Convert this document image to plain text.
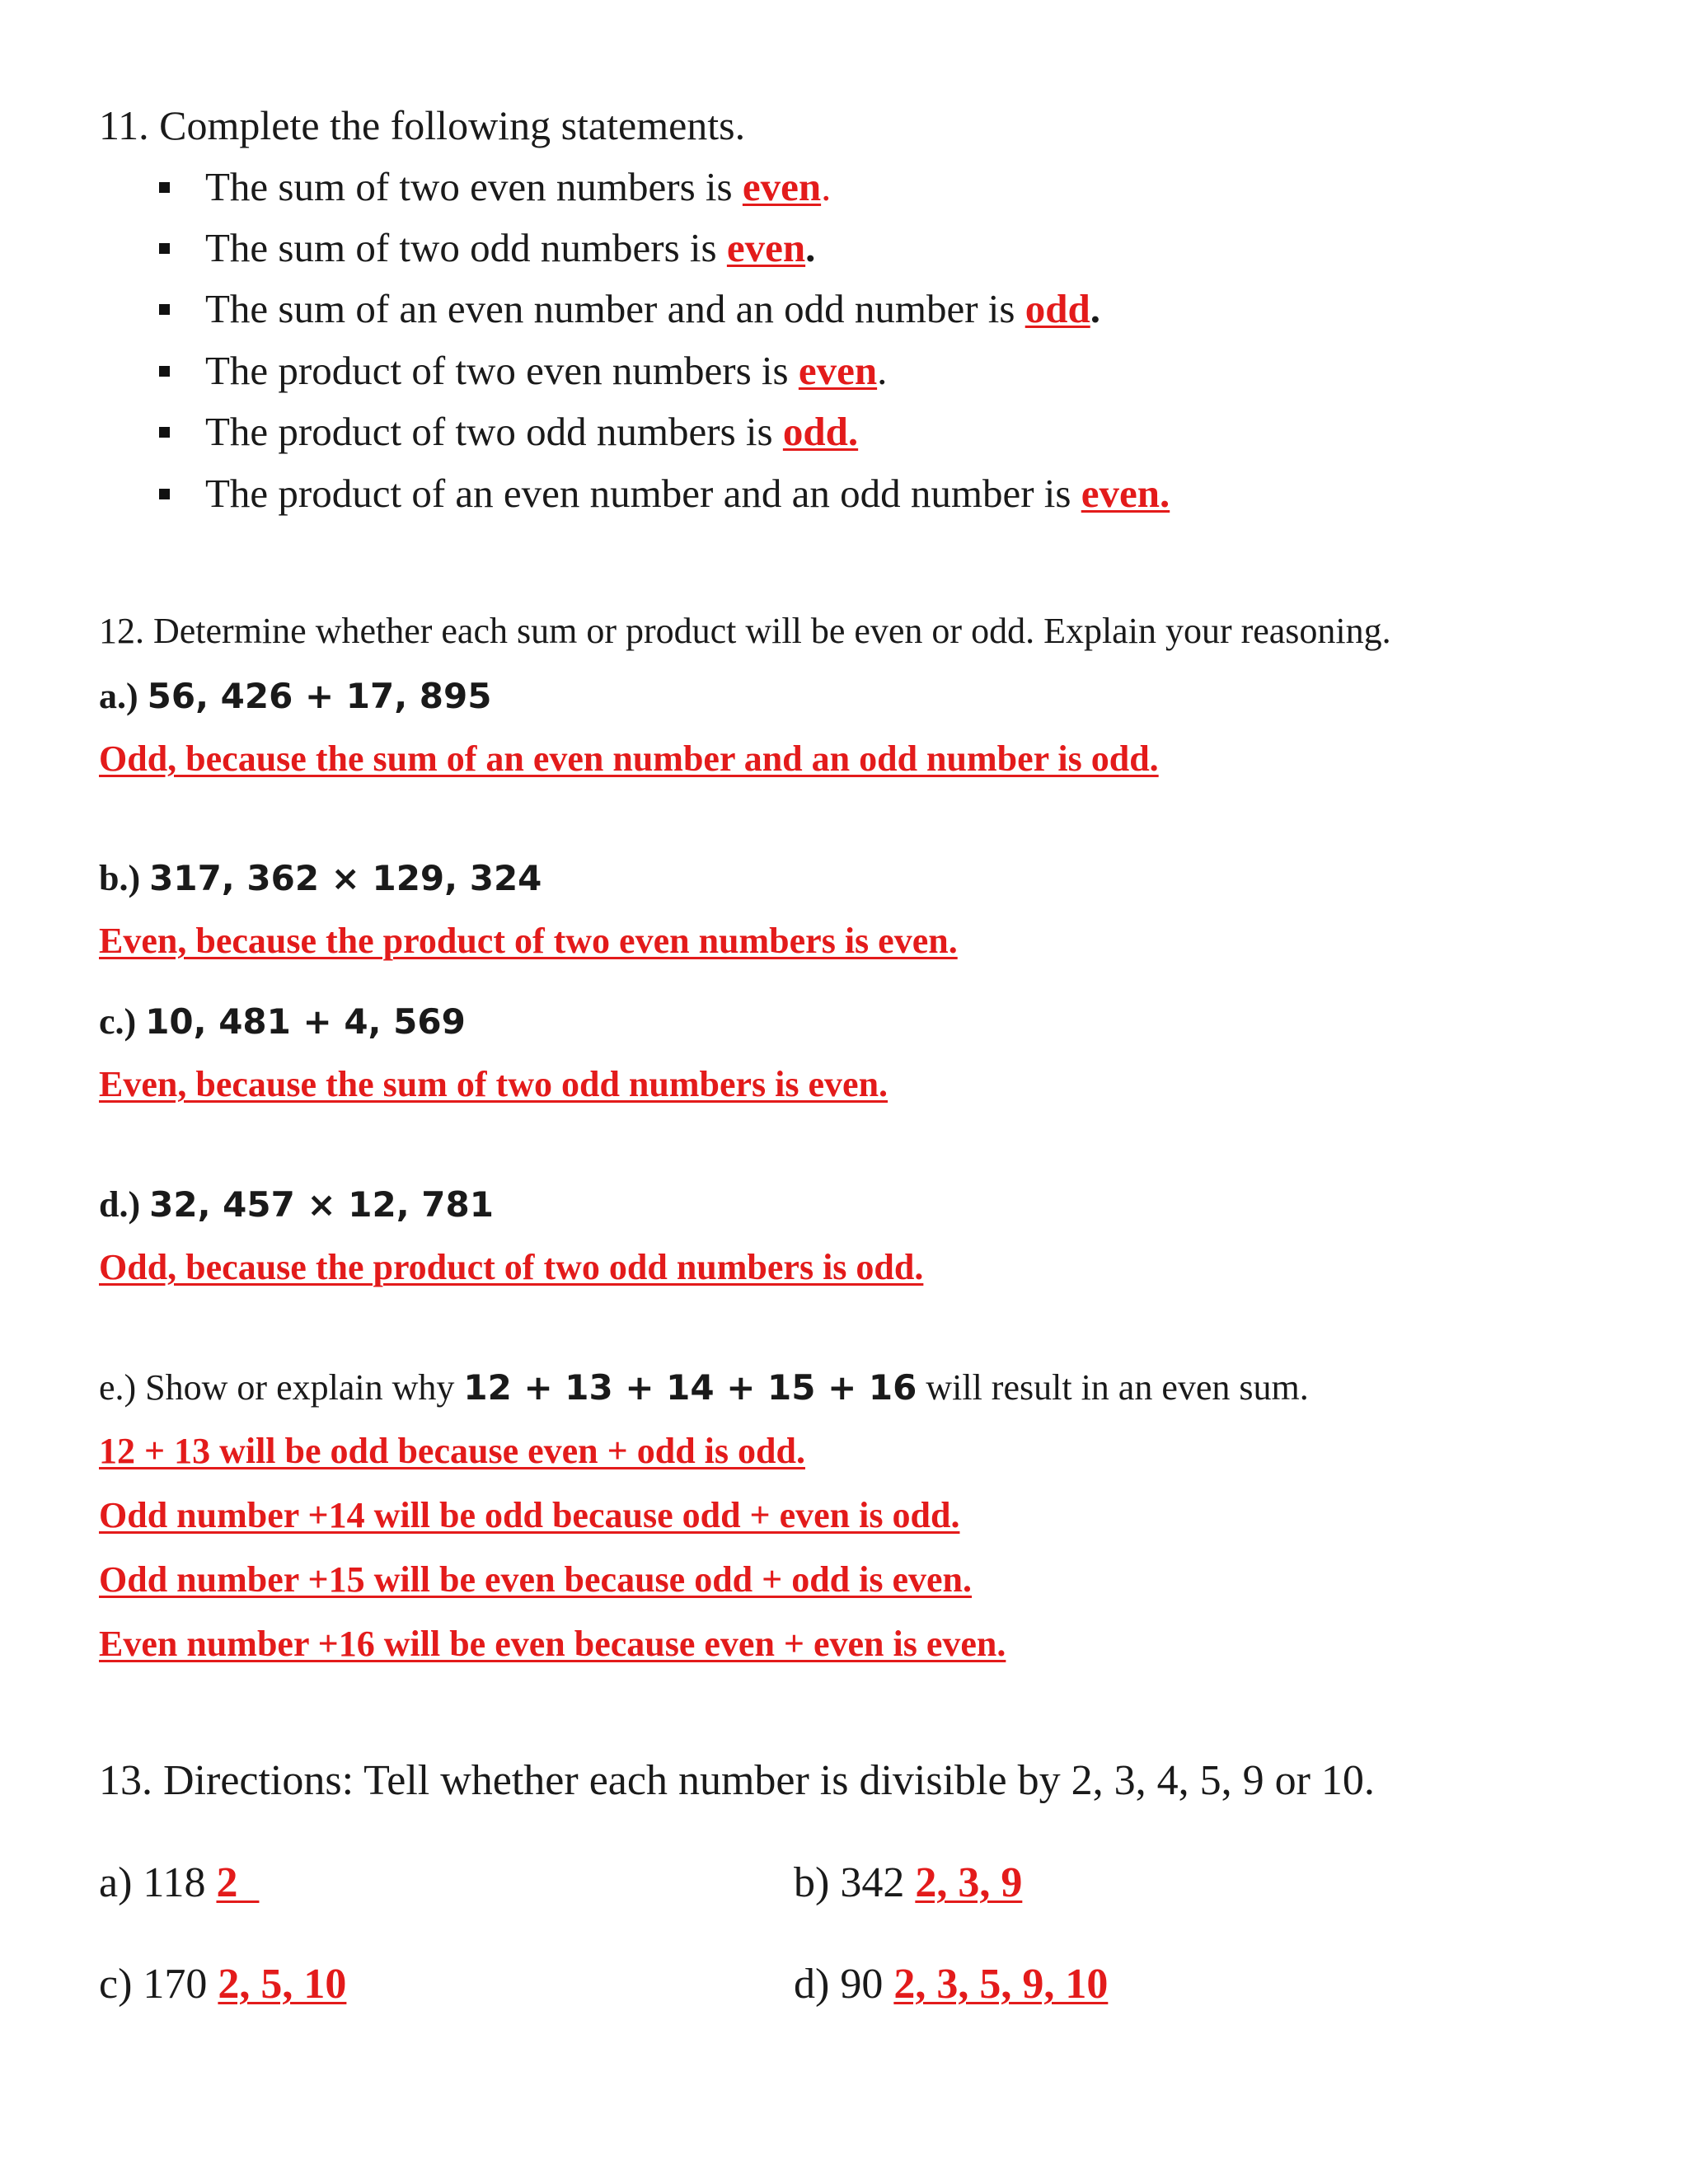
11. Complete the following statements.
The sum of two even numbers is even.
The sum of two odd numbers is even.
The sum of an even number and an odd number is odd.
The product of two even numbers is even.
The product of two odd numbers is odd.
The product of an even number and an odd number is even.
12. Determine whether each sum or product will be even or odd. Explain your reasoning.
a.) 56, 426 + 17, 895
Odd, because the sum of an even number and an odd number is odd.
b.) 317, 362 × 129, 324
Even, because the product of two even numbers is even.
c.) 10, 481 + 4, 569
Even, because the sum of two odd numbers is even.
d.) 32, 457 × 12, 781
Odd, because the product of two odd numbers is odd.
e.) Show or explain why 12 + 13 + 14 + 15 + 16 will result in an even sum.
12 + 13 will be odd because even + odd is odd.
Odd number +14 will be odd because odd + even is odd.
Odd number +15 will be even because odd + odd is even.
Even number +16 will be even because even + even is even.
13. Directions: Tell whether each number is divisible by 2, 3, 4, 5, 9 or 10.
a) 118 2	b) 342 2, 3, 9
c) 170 2, 5, 10	d) 90 2, 3, 5, 9, 10
